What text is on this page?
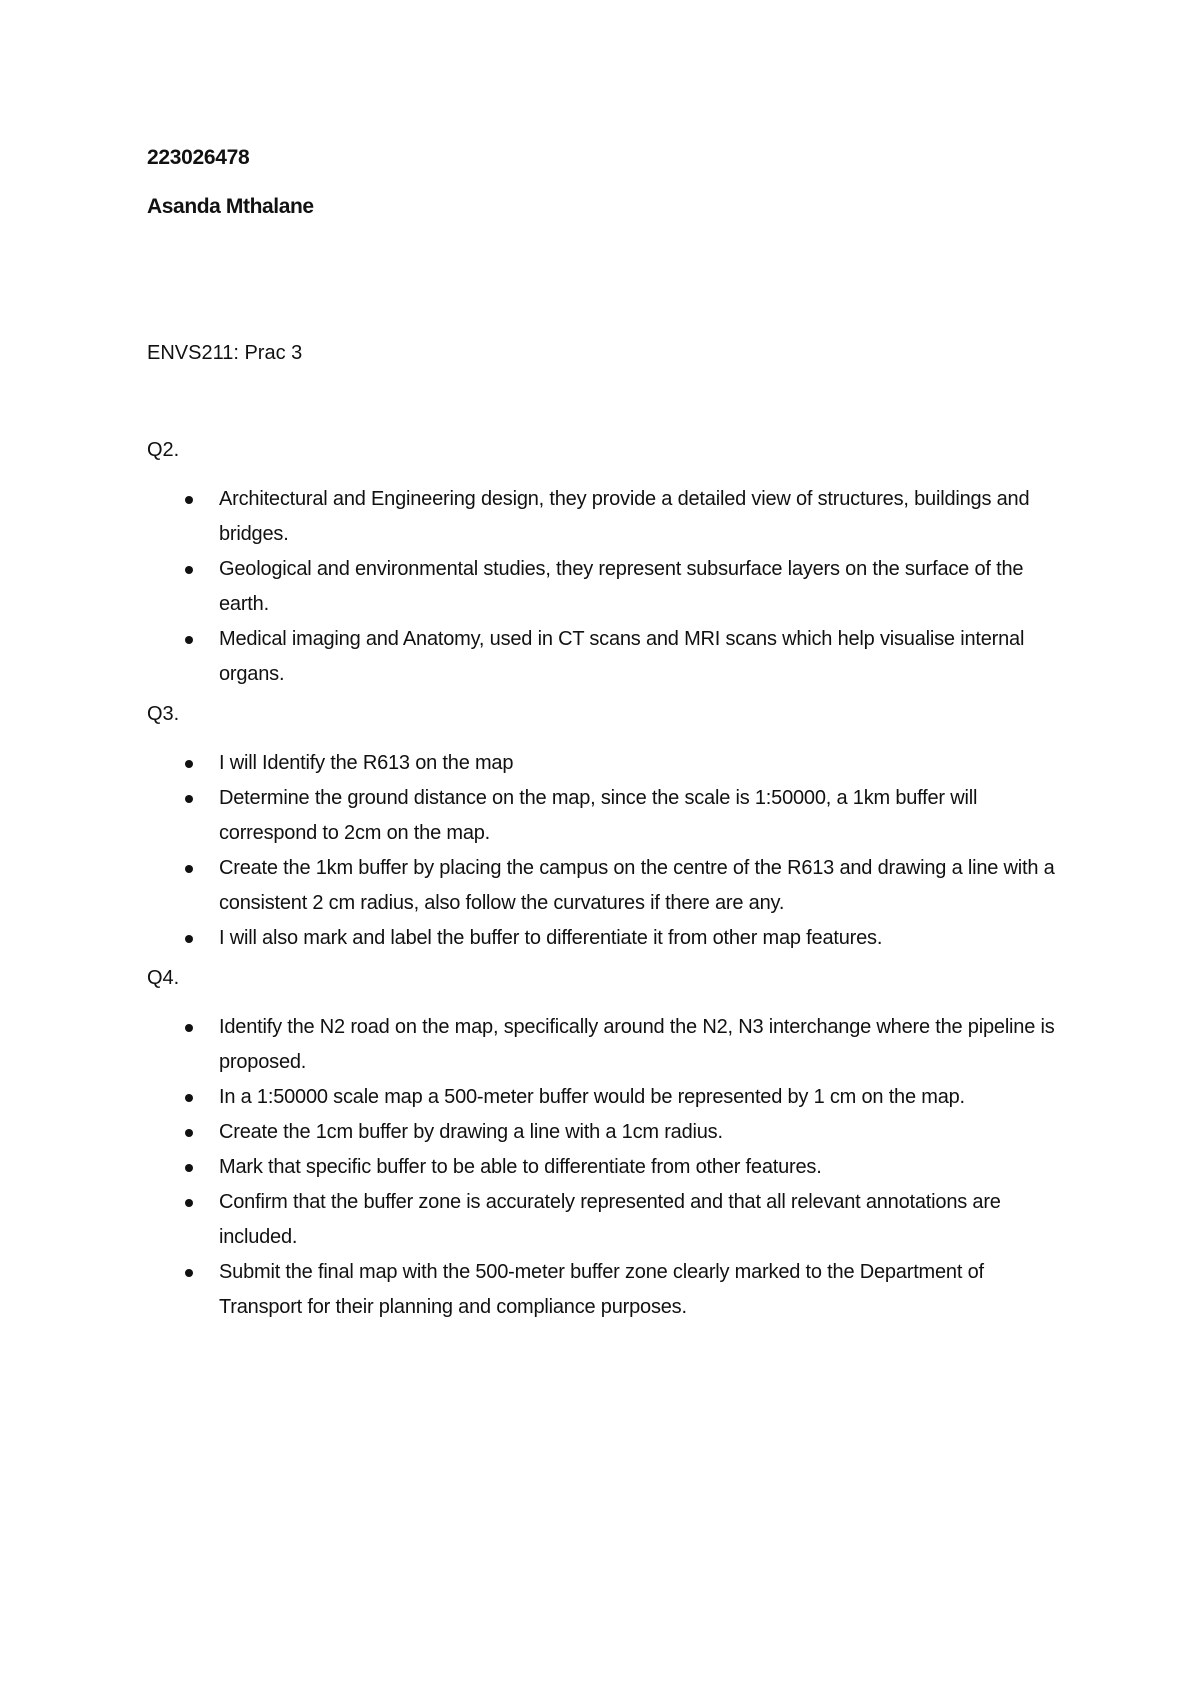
223026478

Asanda Mthalane

ENVS211: Prac 3

Q2.

Architectural and Engineering design, they provide a detailed view of structures, buildings and bridges.
Geological and environmental studies, they represent subsurface layers on the surface of the earth.
Medical imaging and Anatomy, used in CT scans and MRI scans which help visualise internal organs.

Q3.

I will Identify the R613 on the map
Determine the ground distance on the map, since the scale is 1:50000, a 1km buffer will correspond to 2cm on the map.
Create the 1km buffer by placing the campus on the centre of the R613 and drawing a line with a consistent 2 cm radius, also follow the curvatures if there are any.
I will also mark and label the buffer to differentiate it from other map features.

Q4.

Identify the N2 road on the map, specifically around the N2, N3 interchange where the pipeline is proposed.
In a 1:50000 scale map a 500-meter buffer would be represented by 1 cm on the map.
Create the 1cm buffer by drawing a line with a 1cm radius.
Mark that specific buffer to be able to differentiate from other features.
Confirm that the buffer zone is accurately represented and that all relevant annotations are included.
Submit the final map with the 500-meter buffer zone clearly marked to the Department of Transport for their planning and compliance purposes.
